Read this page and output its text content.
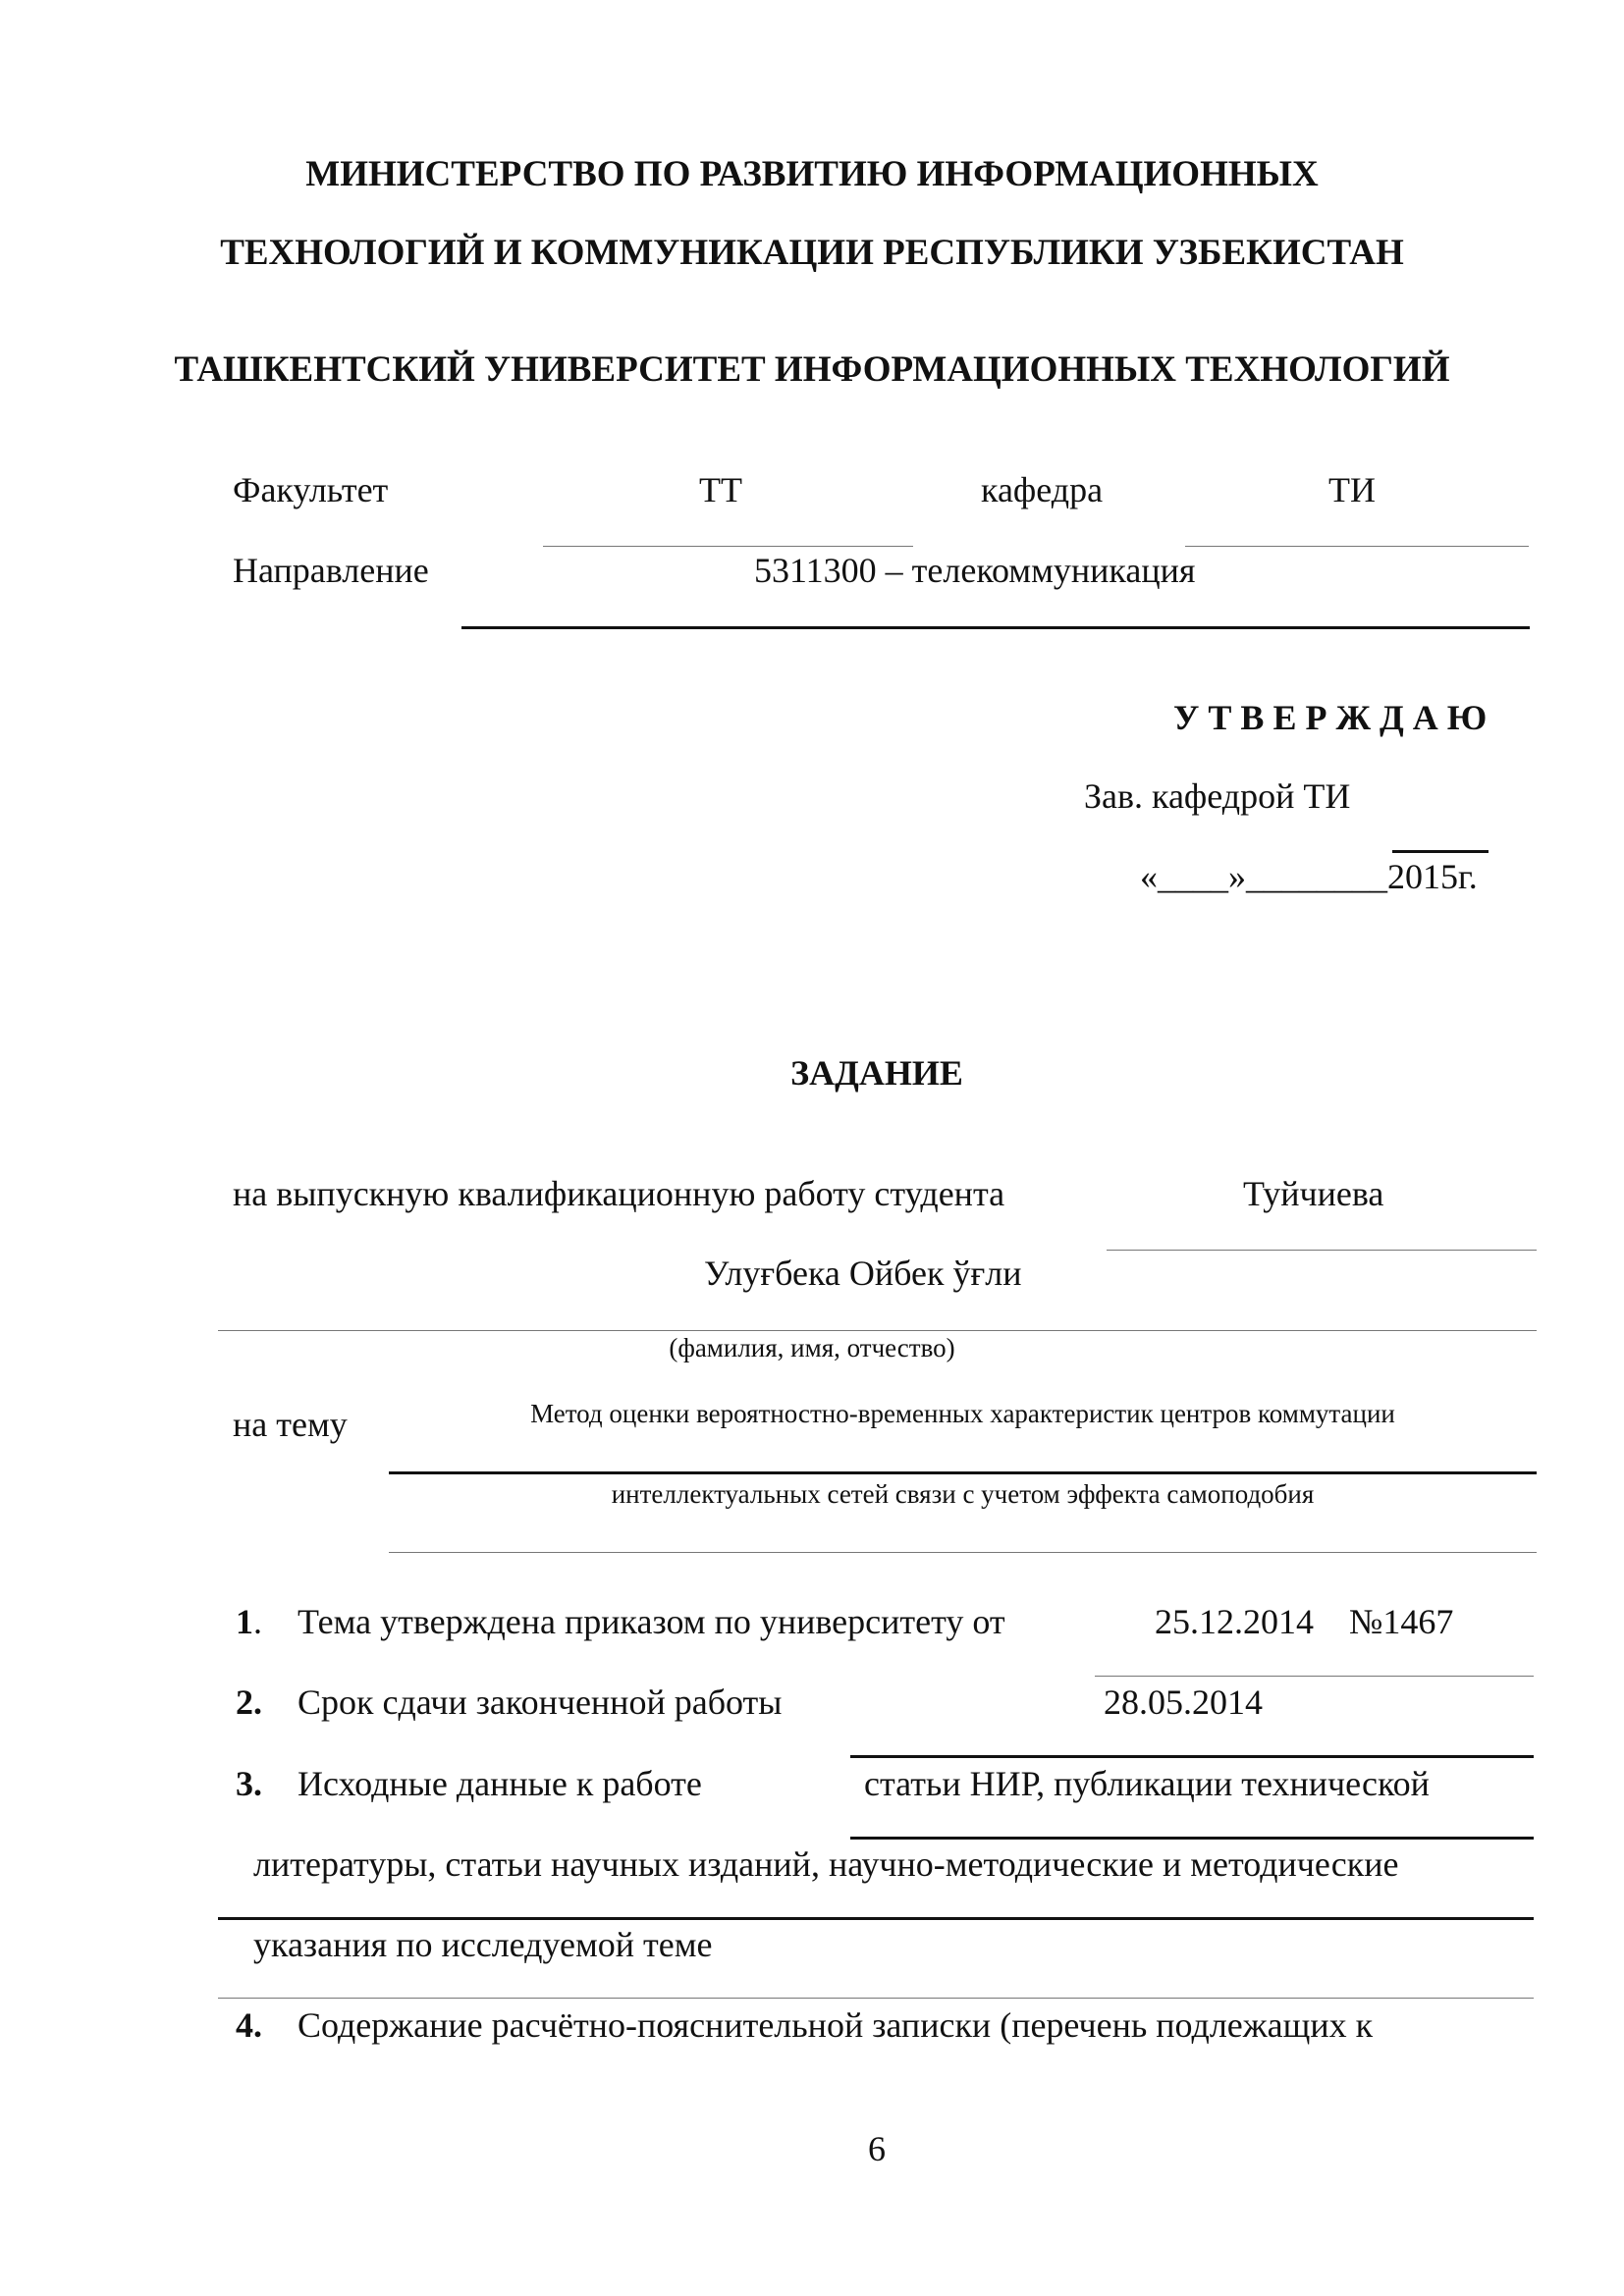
МИНИСТЕРСТВО ПО РАЗВИТИЮ ИНФОРМАЦИОННЫХ
ТЕХНОЛОГИЙ И КОММУНИКАЦИИ РЕСПУБЛИКИ УЗБЕКИСТАН
ТАШКЕНТСКИЙ УНИВЕРСИТЕТ ИНФОРМАЦИОННЫХ ТЕХНОЛОГИЙ
Факультет	ТТ	кафедра	ТИ
Направление	5311300 – телекоммуникация
У Т В Е Р Ж Д А Ю
Зав. кафедрой ТИ
«____»________2015г.
ЗАДАНИЕ
на выпускную квалификационную работу студента	Туйчиева
Улуғбека Ойбек ўғли
(фамилия, имя, отчество)
на тему	Метод оценки вероятностно-временных характеристик центров коммутации
интеллектуальных сетей связи с учетом эффекта самоподобия
1. Тема утверждена приказом по университету от	25.12.2014    №1467
2. Срок сдачи законченной работы	28.05.2014
3. Исходные данные к работе	статьи НИР, публикации технической
литературы, статьи научных изданий, научно-методические и методические
указания по исследуемой теме
4. Содержание расчётно-пояснительной записки (перечень подлежащих к
6
